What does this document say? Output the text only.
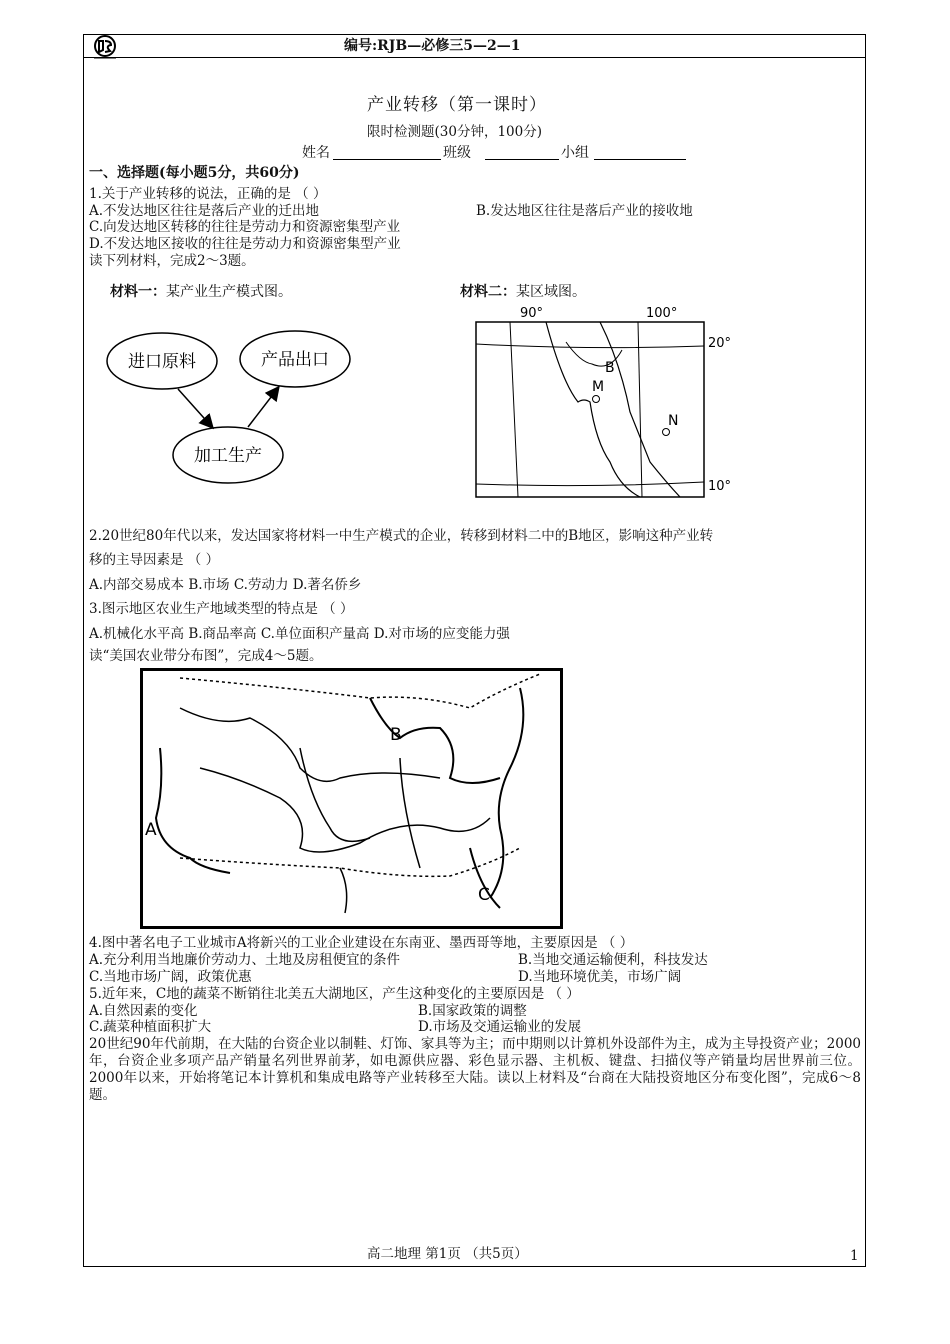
编号:RJB—必修三5—2—1
产业转移（第一课时）
限时检测题(30分钟，100分)
姓名	班级	小组
一、选择题(每小题5分，共60分)
1.关于产业转移的说法，正确的是 （ ）
A.不发达地区往往是落后产业的迁出地	B.发达地区往往是落后产业的接收地
C.向发达地区转移的往往是劳动力和资源密集型产业
D.不发达地区接收的往往是劳动力和资源密集型产业
读下列材料，完成2～3题。
材料一：某产业生产模式图。	材料二：某区域图。
进口原料	产品出口
加工生产
90°	100°
20°
10°
B
M
N
2.20世纪80年代以来，发达国家将材料一中生产模式的企业，转移到材料二中的B地区，影响这种产业转
移的主导因素是 （ ）
A.内部交易成本 B.市场 C.劳动力 D.著名侨乡
3.图示地区农业生产地域类型的特点是 （ ）
A.机械化水平高 B.商品率高 C.单位面积产量高 D.对市场的应变能力强
读“美国农业带分布图”，完成4～5题。
B
A
C
4.图中著名电子工业城市A将新兴的工业企业建设在东南亚、墨西哥等地，主要原因是 （ ）
A.充分利用当地廉价劳动力、土地及房租便宜的条件	B.当地交通运输便利，科技发达
C.当地市场广阔，政策优惠	D.当地环境优美，市场广阔
5.近年来，C地的蔬菜不断销往北美五大湖地区，产生这种变化的主要原因是 （ ）
A.自然因素的变化	B.国家政策的调整
C.蔬菜种植面积扩大	D.市场及交通运输业的发展
20世纪90年代前期，在大陆的台资企业以制鞋、灯饰、家具等为主；而中期则以计算机外设部件为主，成为主导投资产业；2000年，台资企业多项产品产销量名列世界前茅，如电源供应器、彩色显示器、主机板、键盘、扫描仪等产销量均居世界前三位。2000年以来，开始将笔记本计算机和集成电路等产业转移至大陆。读以上材料及“台商在大陆投资地区分布变化图”，完成6～8题。
高二地理 第1页 （共5页）	1
